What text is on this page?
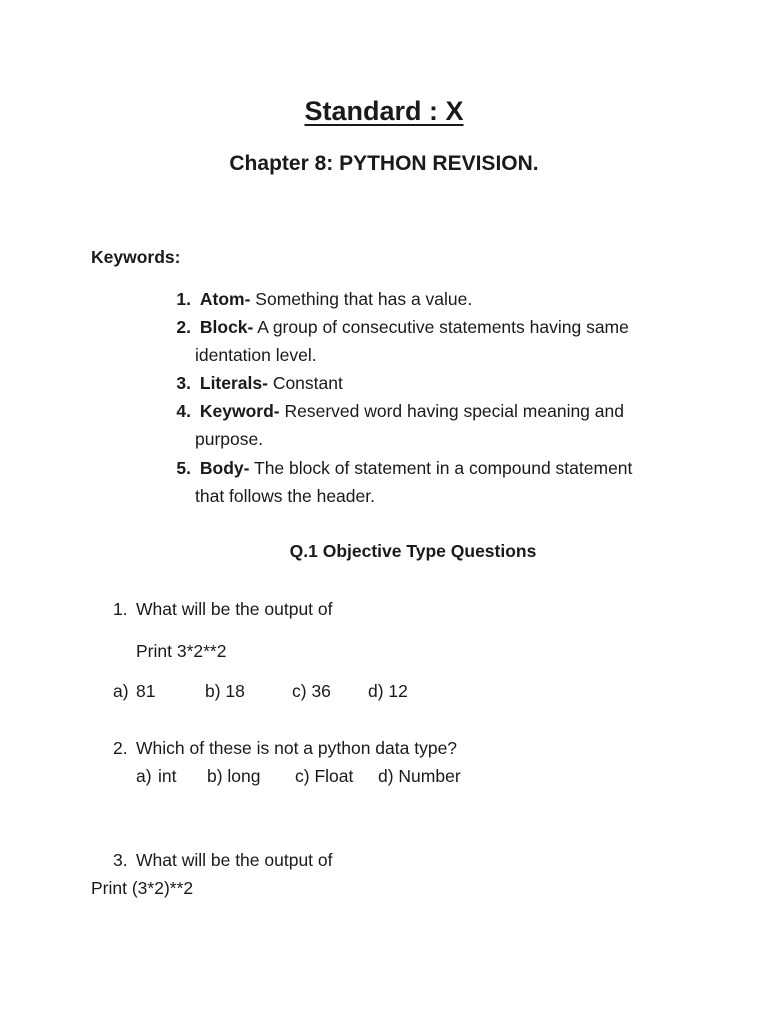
Standard : X
Chapter 8: PYTHON REVISION.
Keywords:
1. Atom- Something that has a value.
2. Block- A group of consecutive statements having same
identation level.
3. Literals- Constant
4. Keyword- Reserved word having special meaning and
purpose.
5. Body- The block of statement in a compound statement
that follows the header.
Q.1 Objective Type Questions
1. What will be the output of
Print 3*2**2
a) 81	b) 18	c) 36 d) 12
2. Which of these is not a python data type?
a) int b) long c) Float d) Number
3. What will be the output of
Print (3*2)**2
